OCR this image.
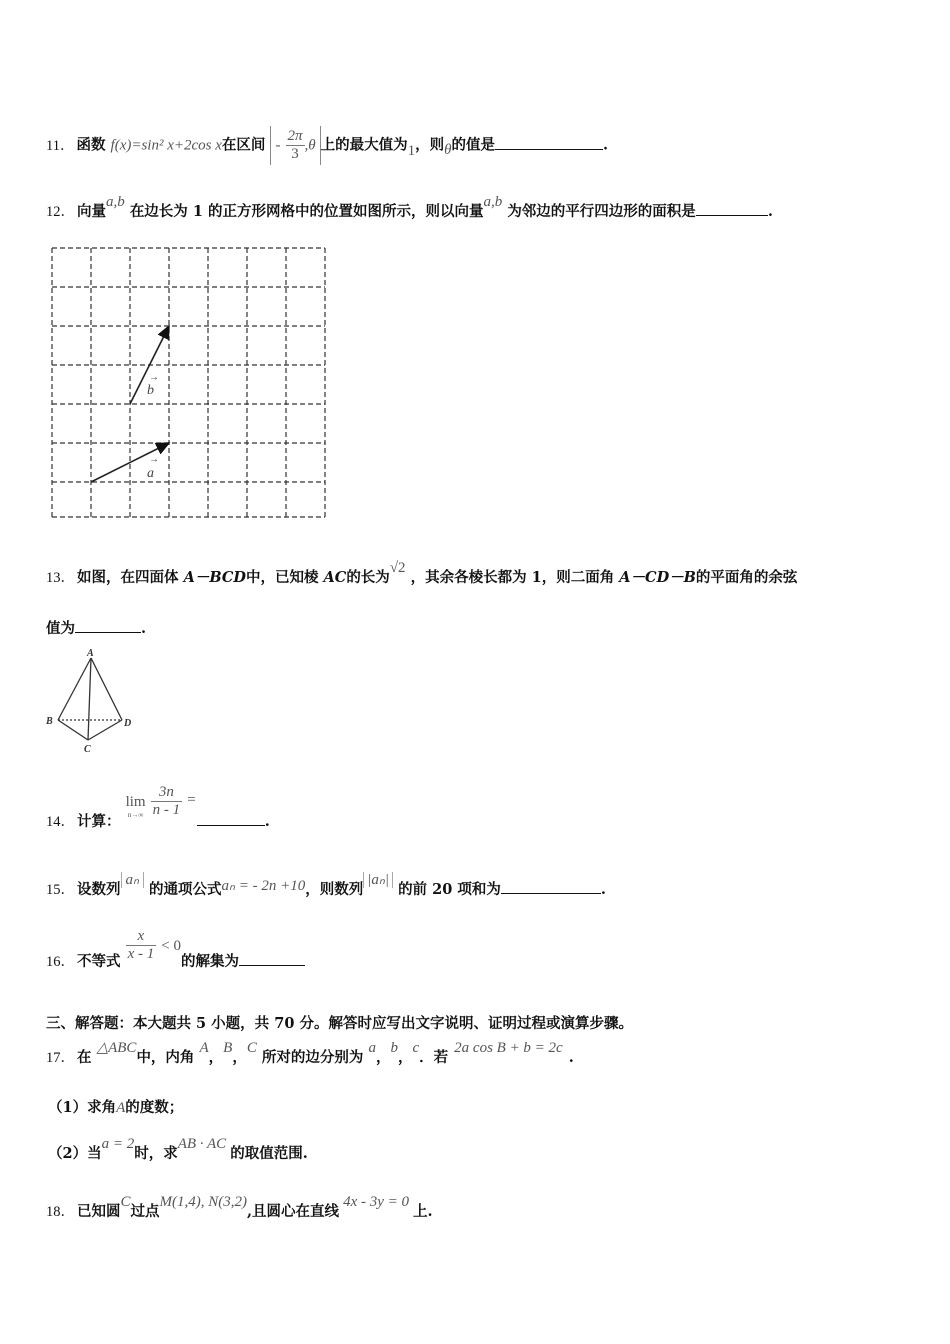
11． 函数 f(x)=sin² x+2cos x在区间 - $\frac{2\pi}{3} ,\theta$ 上的最大值为1，则θ的值是	.
12． 向量a,b 在边长为 1 的正方形网格中的位置如图所示，则以向量a,b 为邻边的平行四边形的面积是	.
→
b
→
a
13． 如图，在四面体 A－BCD中，已知棱 AC的长为√2 ，其余各棱长都为 1，则二面角 A－CD－B的平面角的余弦
值为	.
A
B
C
D
14． 计算：
lim
n→∞
$\frac{3n}{n - 1}$ = .
15． 设数列aₙ 的通项公式aₙ = - 2n +10，则数列|aₙ| 的前 20 项和为	.
16． 不等式 $\frac{x}{x - 1} < 0$的解集为
三、解答题：本大题共 5 小题，共 70 分。解答时应写出文字说明、证明过程或演算步骤。
17． 在 △ABC中，内角 A，B，C 所对的边分别为 a，b，c．若2a cos B + b = 2c.
（1）求角A的度数；
（2）当a = 2时，求AB · AC的取值范围.
18． 已知圆C过点M(1,4), N(3,2),且圆心在直线4x - 3y = 0上.
